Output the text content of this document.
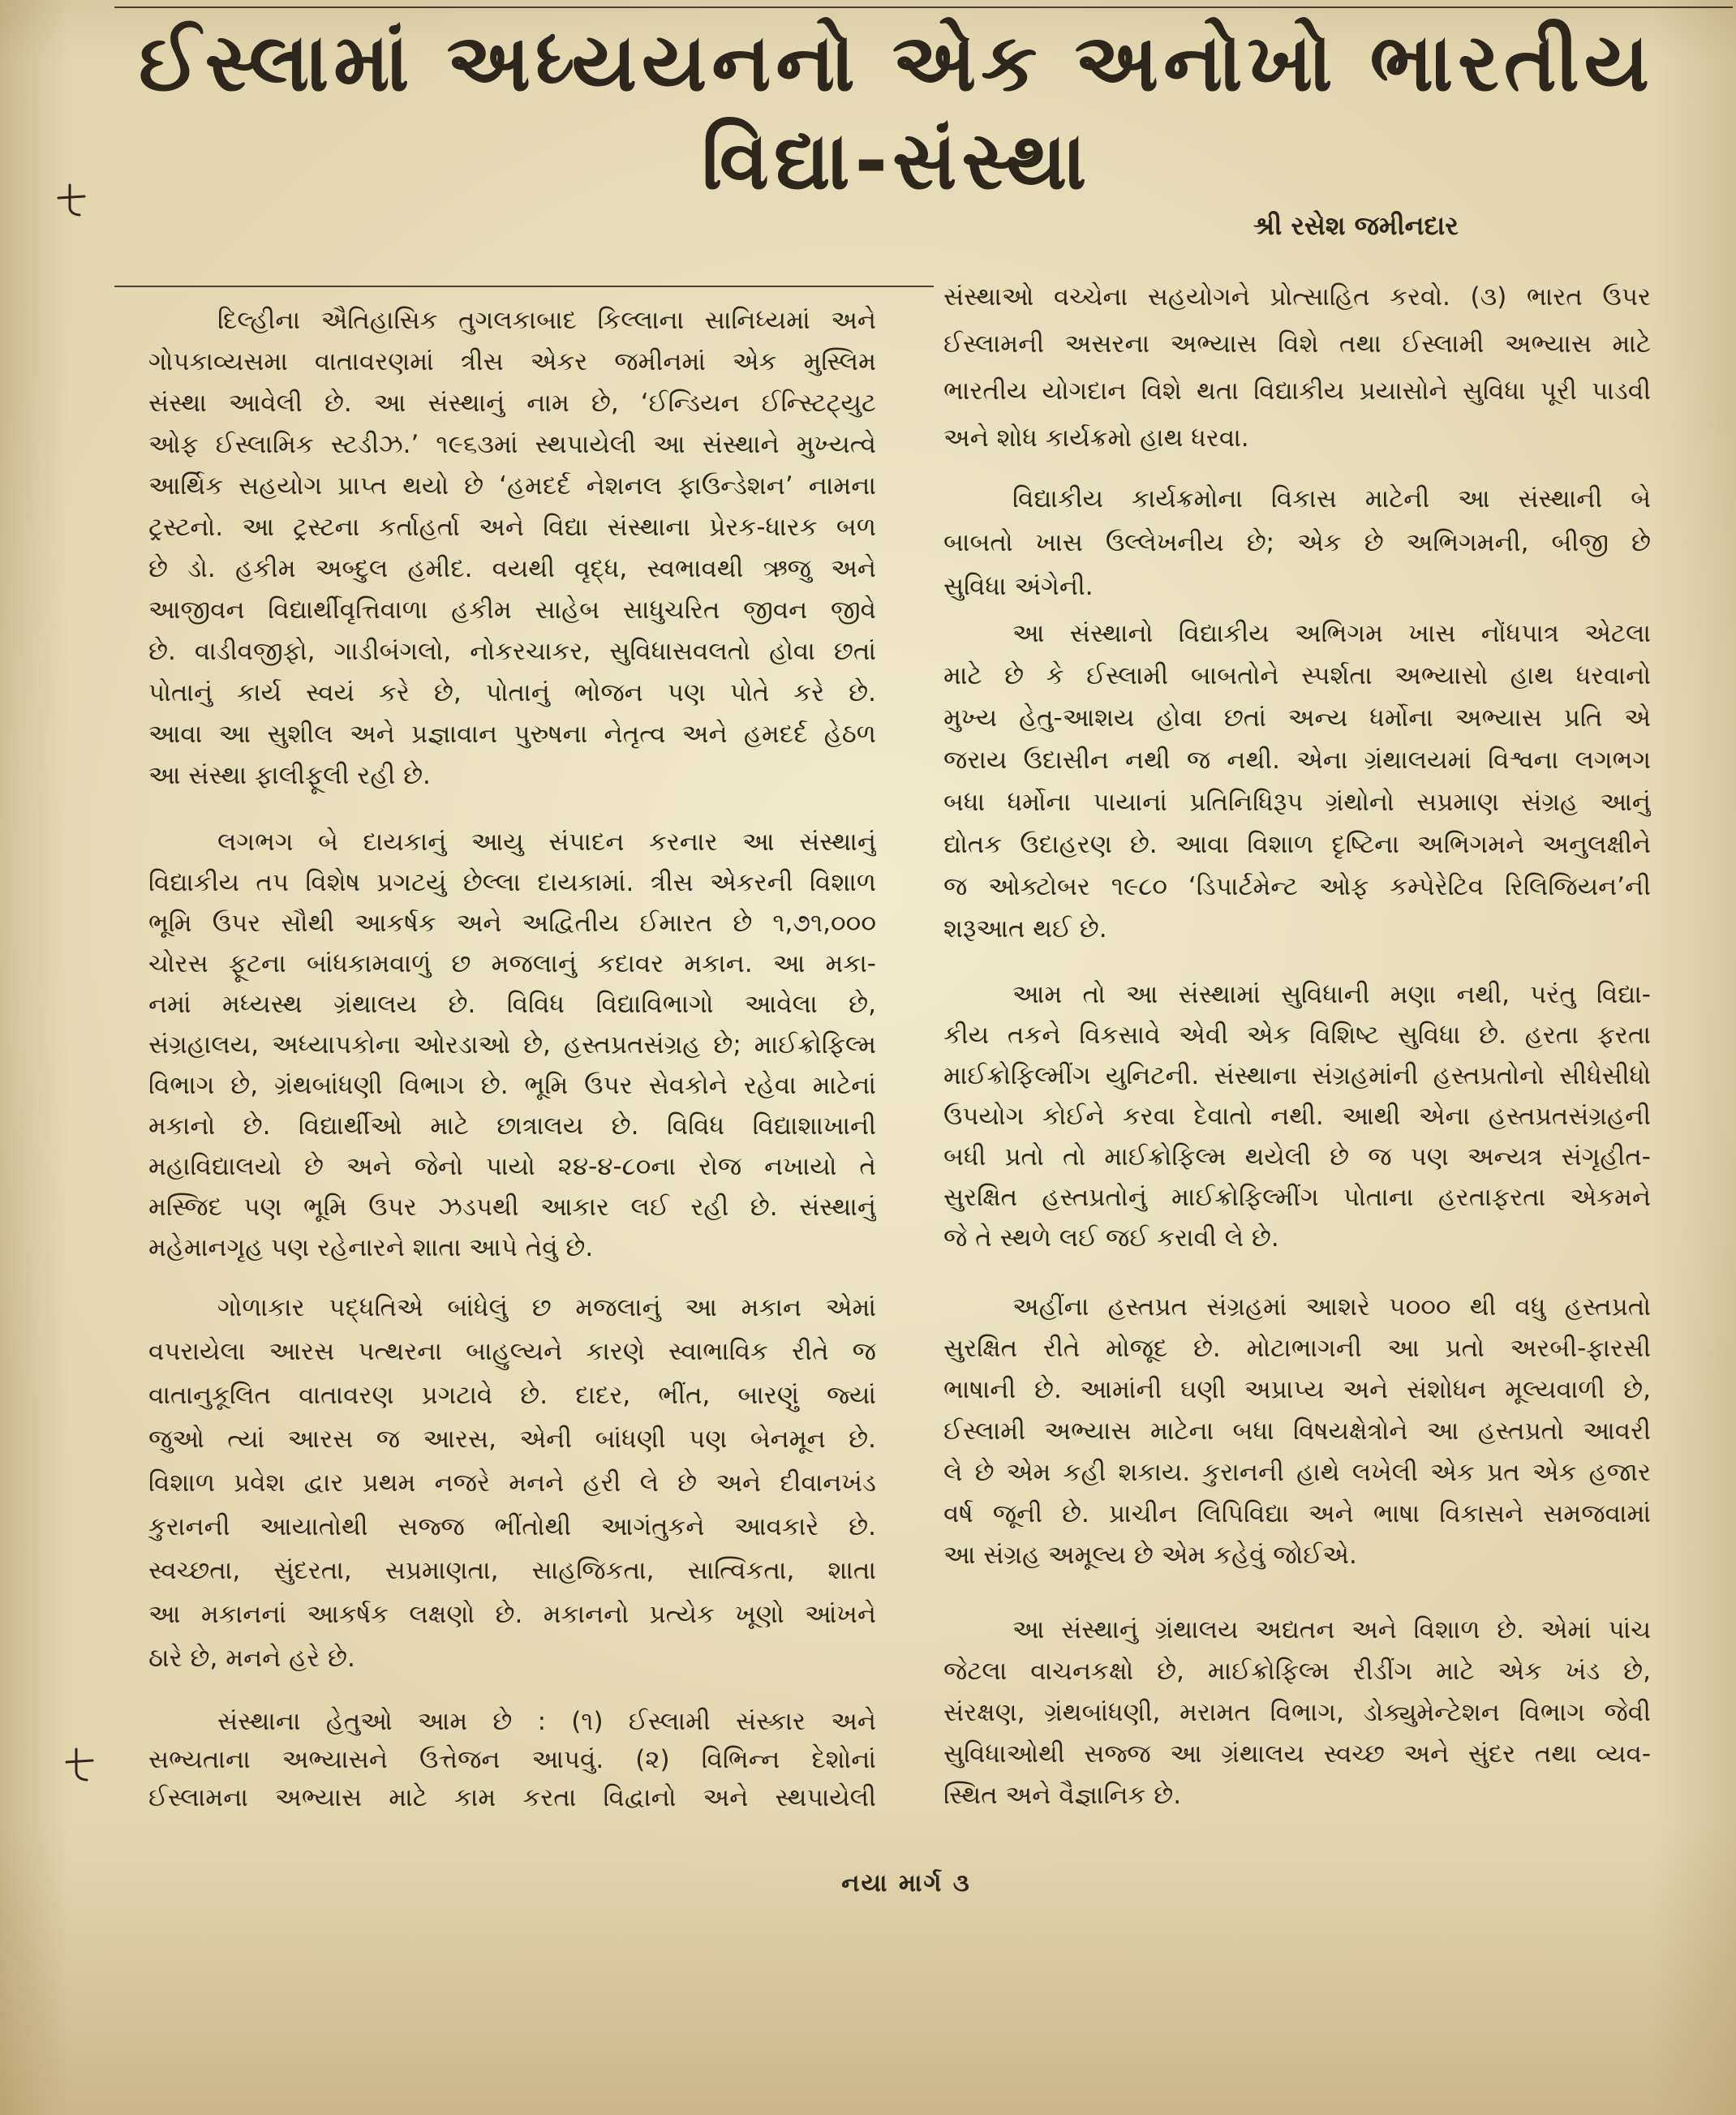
ઈસ્લામાં અધ્યયનનો એક અનોખો ભારતીય
વિદ્યા-સંસ્થા
શ્રી રસેશ જમીનદાર
દિલ્હીના ઐતિહાસિક તુગલકાબાદ કિલ્લાના સાનિધ્યમાં અને
ગોપકાવ્યસમા વાતાવરણમાં ત્રીસ એકર જમીનમાં એક મુસ્લિમ
સંસ્થા આવેલી છે. આ સંસ્થાનું નામ છે, ‘ઈન્ડિયન ઈન્સ્ટિટ્યુટ
ઓફ ઈસ્લામિક સ્ટડીઝ.’ ૧૯૬૩માં સ્થપાયેલી આ સંસ્થાને મુખ્યત્વે
આર્થિક સહયોગ પ્રાપ્ત થયો છે ‘હમદર્દ નેશનલ ફાઉન્ડેશન’ નામના
ટ્રસ્ટનો. આ ટ્રસ્ટના કર્તાહર્તા અને વિદ્યા સંસ્થાના પ્રેરક-ધારક બળ
છે ડો. હકીમ અબ્દુલ હમીદ. વયથી વૃદ્ધ, સ્વભાવથી ઋજુ અને
આજીવન વિદ્યાર્થીવૃત્તિવાળા હકીમ સાહેબ સાધુચરિત જીવન જીવે
છે. વાડીવજીફો, ગાડીબંગલો, નોકરચાકર, સુવિધાસવલતો હોવા છતાં
પોતાનું કાર્ય સ્વયં કરે છે, પોતાનું ભોજન પણ પોતે કરે છે.
આવા આ સુશીલ અને પ્રજ્ઞાવાન પુરુષના નેતૃત્વ અને હમદર્દ હેઠળ
આ સંસ્થા ફાલીફૂલી રહી છે.
લગભગ બે દાયકાનું આયુ સંપાદન કરનાર આ સંસ્થાનું
વિદ્યાકીય તપ વિશેષ પ્રગટયું છેલ્લા દાયકામાં. ત્રીસ એકરની વિશાળ
ભૂમિ ઉપર સૌથી આકર્ષક અને અદ્વિતીય ઈમારત છે ૧,૭૧,૦૦૦
ચોરસ ફૂટના બાંધકામવાળું છ મજલાનું કદાવર મકાન. આ મકા-
નમાં મધ્યસ્થ ગ્રંથાલય છે. વિવિધ વિદ્યાવિભાગો આવેલા છે,
સંગ્રહાલય, અધ્યાપકોના ઓરડાઓ છે, હસ્તપ્રતસંગ્રહ છે; માઈક્રોફિલ્મ
વિભાગ છે, ગ્રંથબાંધણી વિભાગ છે. ભૂમિ ઉપર સેવકોને રહેવા માટેનાં
મકાનો છે. વિદ્યાર્થીઓ માટે છાત્રાલય છે. વિવિધ વિદ્યાશાખાની
મહાવિદ્યાલયો છે અને જેનો પાયો ૨૪-૪-૮૦ના રોજ નખાયો તે
મસ્જિદ પણ ભૂમિ ઉપર ઝડપથી આકાર લઈ રહી છે. સંસ્થાનું
મહેમાનગૃહ પણ રહેનારને શાતા આપે તેવું છે.
ગોળાકાર પદ્ધતિએ બાંધેલું છ મજલાનું આ મકાન એમાં
વપરાયેલા આરસ પત્થરના બાહુલ્યને કારણે સ્વાભાવિક રીતે જ
વાતાનુકૂલિત વાતાવરણ પ્રગટાવે છે. દાદર, ભીંત, બારણું જ્યાં
જુઓ ત્યાં આરસ જ આરસ, એની બાંધણી પણ બેનમૂન છે.
વિશાળ પ્રવેશ દ્વાર પ્રથમ નજરે મનને હરી લે છે અને દીવાનખંડ
કુરાનની આયાતોથી સજ્જ ભીંતોથી આગંતુકને આવકારે છે.
સ્વચ્છતા, સુંદરતા, સપ્રમાણતા, સાહજિકતા, સાત્વિકતા, શાતા
આ મકાનનાં આકર્ષક લક્ષણો છે. મકાનનો પ્રત્યેક ખૂણો આંખને
ઠારે છે, મનને હરે છે.
સંસ્થાના હેતુઓ આમ છે : (૧) ઈસ્લામી સંસ્કાર અને
સભ્યતાના અભ્યાસને ઉત્તેજન આપવું. (૨) વિભિન્ન દેશોનાં
ઈસ્લામના અભ્યાસ માટે કામ કરતા વિદ્વાનો અને સ્થપાયેલી
સંસ્થાઓ વચ્ચેના સહયોગને પ્રોત્સાહિત કરવો. (૩) ભારત ઉપર
ઈસ્લામની અસરના અભ્યાસ વિશે તથા ઈસ્લામી અભ્યાસ માટે
ભારતીય યોગદાન વિશે થતા વિદ્યાકીય પ્રયાસોને સુવિધા પૂરી પાડવી
અને શોધ કાર્યક્રમો હાથ ધરવા.
વિદ્યાકીય કાર્યક્રમોના વિકાસ માટેની આ સંસ્થાની બે
બાબતો ખાસ ઉલ્લેખનીય છે; એક છે અભિગમની, બીજી છે
સુવિધા અંગેની.
આ સંસ્થાનો વિદ્યાકીય અભિગમ ખાસ નોંધપાત્ર એટલા
માટે છે કે ઈસ્લામી બાબતોને સ્પર્શતા અભ્યાસો હાથ ધરવાનો
મુખ્ય હેતુ-આશય હોવા છતાં અન્ય ધર્મોના અભ્યાસ પ્રતિ એ
જરાય ઉદાસીન નથી જ નથી. એના ગ્રંથાલયમાં વિશ્વના લગભગ
બધા ધર્મોના પાયાનાં પ્રતિનિધિરૂપ ગ્રંથોનો સપ્રમાણ સંગ્રહ આનું
દ્યોતક ઉદાહરણ છે. આવા વિશાળ દૃષ્ટિના અભિગમને અનુલક્ષીને
જ ઓક્ટોબર ૧૯૮૦ ‘ડિપાર્ટમેન્ટ ઓફ કમ્પેરેટિવ રિલિજિયન’ની
શરૂઆત થઈ છે.
આમ તો આ સંસ્થામાં સુવિધાની મણા નથી, પરંતુ વિદ્યા-
કીય તકને વિકસાવે એવી એક વિશિષ્ટ સુવિધા છે. હરતા ફરતા
માઈક્રોફિલ્મીંગ યુનિટની. સંસ્થાના સંગ્રહમાંની હસ્તપ્રતોનો સીધેસીધો
ઉપયોગ કોઈને કરવા દેવાતો નથી. આથી એના હસ્તપ્રતસંગ્રહની
બધી પ્રતો તો માઈક્રોફિલ્મ થયેલી છે જ પણ અન્યત્ર સંગૃહીત-
સુરક્ષિત હસ્તપ્રતોનું માઈક્રોફિલ્મીંગ પોતાના હરતાફરતા એકમને
જે તે સ્થળે લઈ જઈ કરાવી લે છે.
અહીંના હસ્તપ્રત સંગ્રહમાં આશરે ૫૦૦૦ થી વધુ હસ્તપ્રતો
સુરક્ષિત રીતે મોજૂદ છે. મોટાભાગની આ પ્રતો અરબી-ફારસી
ભાષાની છે. આમાંની ઘણી અપ્રાપ્ય અને સંશોધન મૂલ્યવાળી છે,
ઈસ્લામી અભ્યાસ માટેના બધા વિષયક્ષેત્રોને આ હસ્તપ્રતો આવરી
લે છે એમ કહી શકાય. કુરાનની હાથે લખેલી એક પ્રત એક હજાર
વર્ષ જૂની છે. પ્રાચીન લિપિવિદ્યા અને ભાષા વિકાસને સમજવામાં
આ સંગ્રહ અમૂલ્ય છે એમ કહેવું જોઈએ.
આ સંસ્થાનું ગ્રંથાલય અદ્યતન અને વિશાળ છે. એમાં પાંચ
જેટલા વાચનકક્ષો છે, માઈક્રોફિલ્મ રીડીંગ માટે એક ખંડ છે,
સંરક્ષણ, ગ્રંથબાંધણી, મરામત વિભાગ, ડોક્યુમેન્ટેશન વિભાગ જેવી
સુવિધાઓથી સજ્જ આ ગ્રંથાલય સ્વચ્છ અને સુંદર તથા વ્યવ-
સ્થિત અને વૈજ્ઞાનિક છે.
નયા માર્ગ ૩
